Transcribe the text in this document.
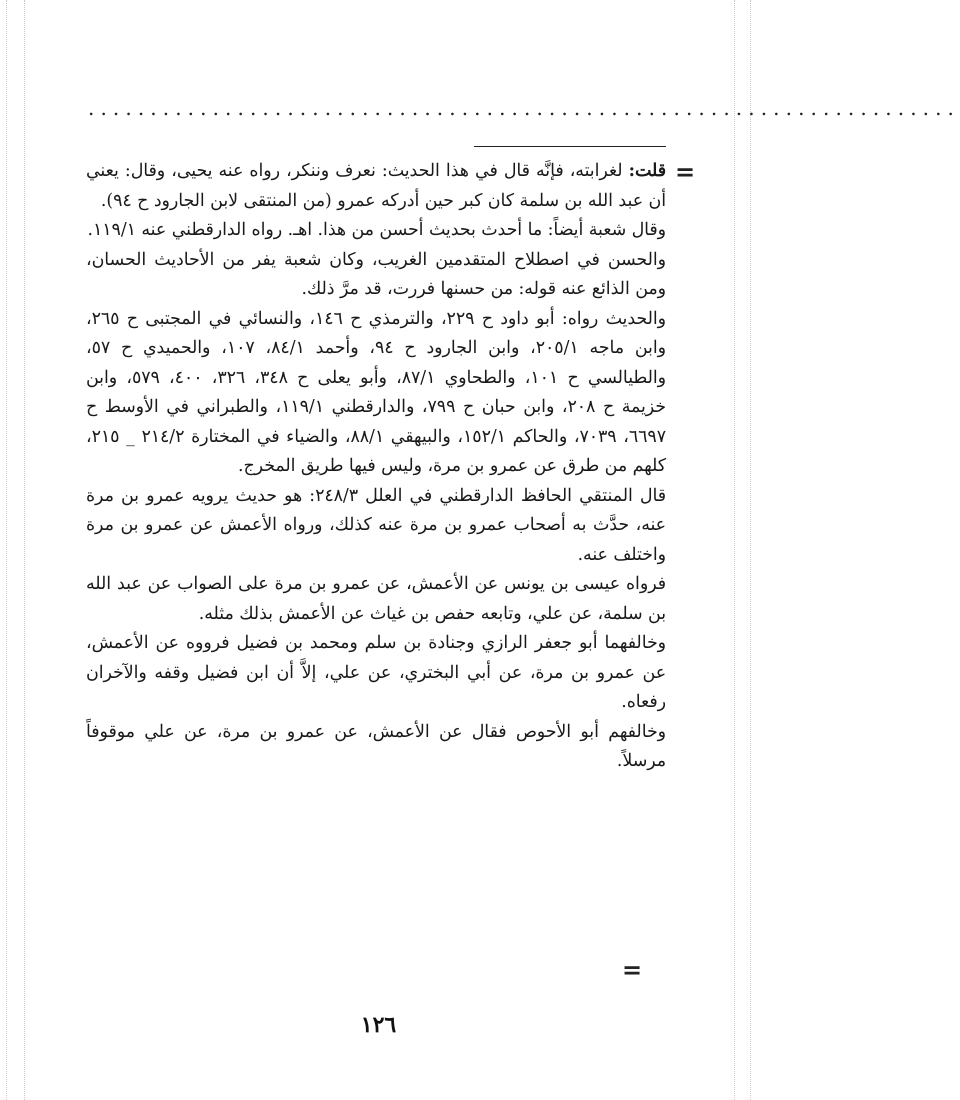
......................................................................
=
=

قلت: لغرابته، فإنَّه قال في هذا الحديث: نعرف وننكر، رواه عنه يحيى، وقال: يعني أن عبد الله بن سلمة كان كبر حين أدركه عمرو (من المنتقى لابن الجارود ح ٩٤).

وقال شعبة أيضاً: ما أحدث بحديث أحسن من هذا. اهـ. رواه الدارقطني عنه ١١٩/١.

والحسن في اصطلاح المتقدمين الغريب، وكان شعبة يفر من الأحاديث الحسان، ومن الذائع عنه قوله: من حسنها فررت، قد مرَّ ذلك.

والحديث رواه: أبو داود ح ٢٢٩، والترمذي ح ١٤٦، والنسائي في المجتبى ح ٢٦٥، وابن ماجه ٢٠٥/١، وابن الجارود ح ٩٤، وأحمد ٨٤/١، ١٠٧، والحميدي ح ٥٧، والطيالسي ح ١٠١، والطحاوي ٨٧/١، وأبو يعلى ح ٣٤٨، ٣٢٦، ٤٠٠، ٥٧٩، وابن خزيمة ح ٢٠٨، وابن حبان ح ٧٩٩، والدارقطني ١١٩/١، والطبراني في الأوسط ح ٦٦٩٧، ٧٠٣٩، والحاكم ١٥٢/١، والبيهقي ٨٨/١، والضياء في المختارة ٢١٤/٢ _ ٢١٥، كلهم من طرق عن عمرو بن مرة، وليس فيها طريق المخرج.

قال المنتقي الحافظ الدارقطني في العلل ٢٤٨/٣: هو حديث يرويه عمرو بن مرة عنه، حدَّث به أصحاب عمرو بن مرة عنه كذلك، ورواه الأعمش عن عمرو بن مرة واختلف عنه.

فرواه عيسى بن يونس عن الأعمش، عن عمرو بن مرة على الصواب عن عبد الله بن سلمة، عن علي، وتابعه حفص بن غياث عن الأعمش بذلك مثله.

وخالفهما أبو جعفر الرازي وجنادة بن سلم ومحمد بن فضيل فرووه عن الأعمش، عن عمرو بن مرة، عن أبي البختري، عن علي، إلاَّ أن ابن فضيل وقفه والآخران رفعاه.

وخالفهم أبو الأحوص فقال عن الأعمش، عن عمرو بن مرة، عن علي موقوفاً مرسلاً.

١٢٦
